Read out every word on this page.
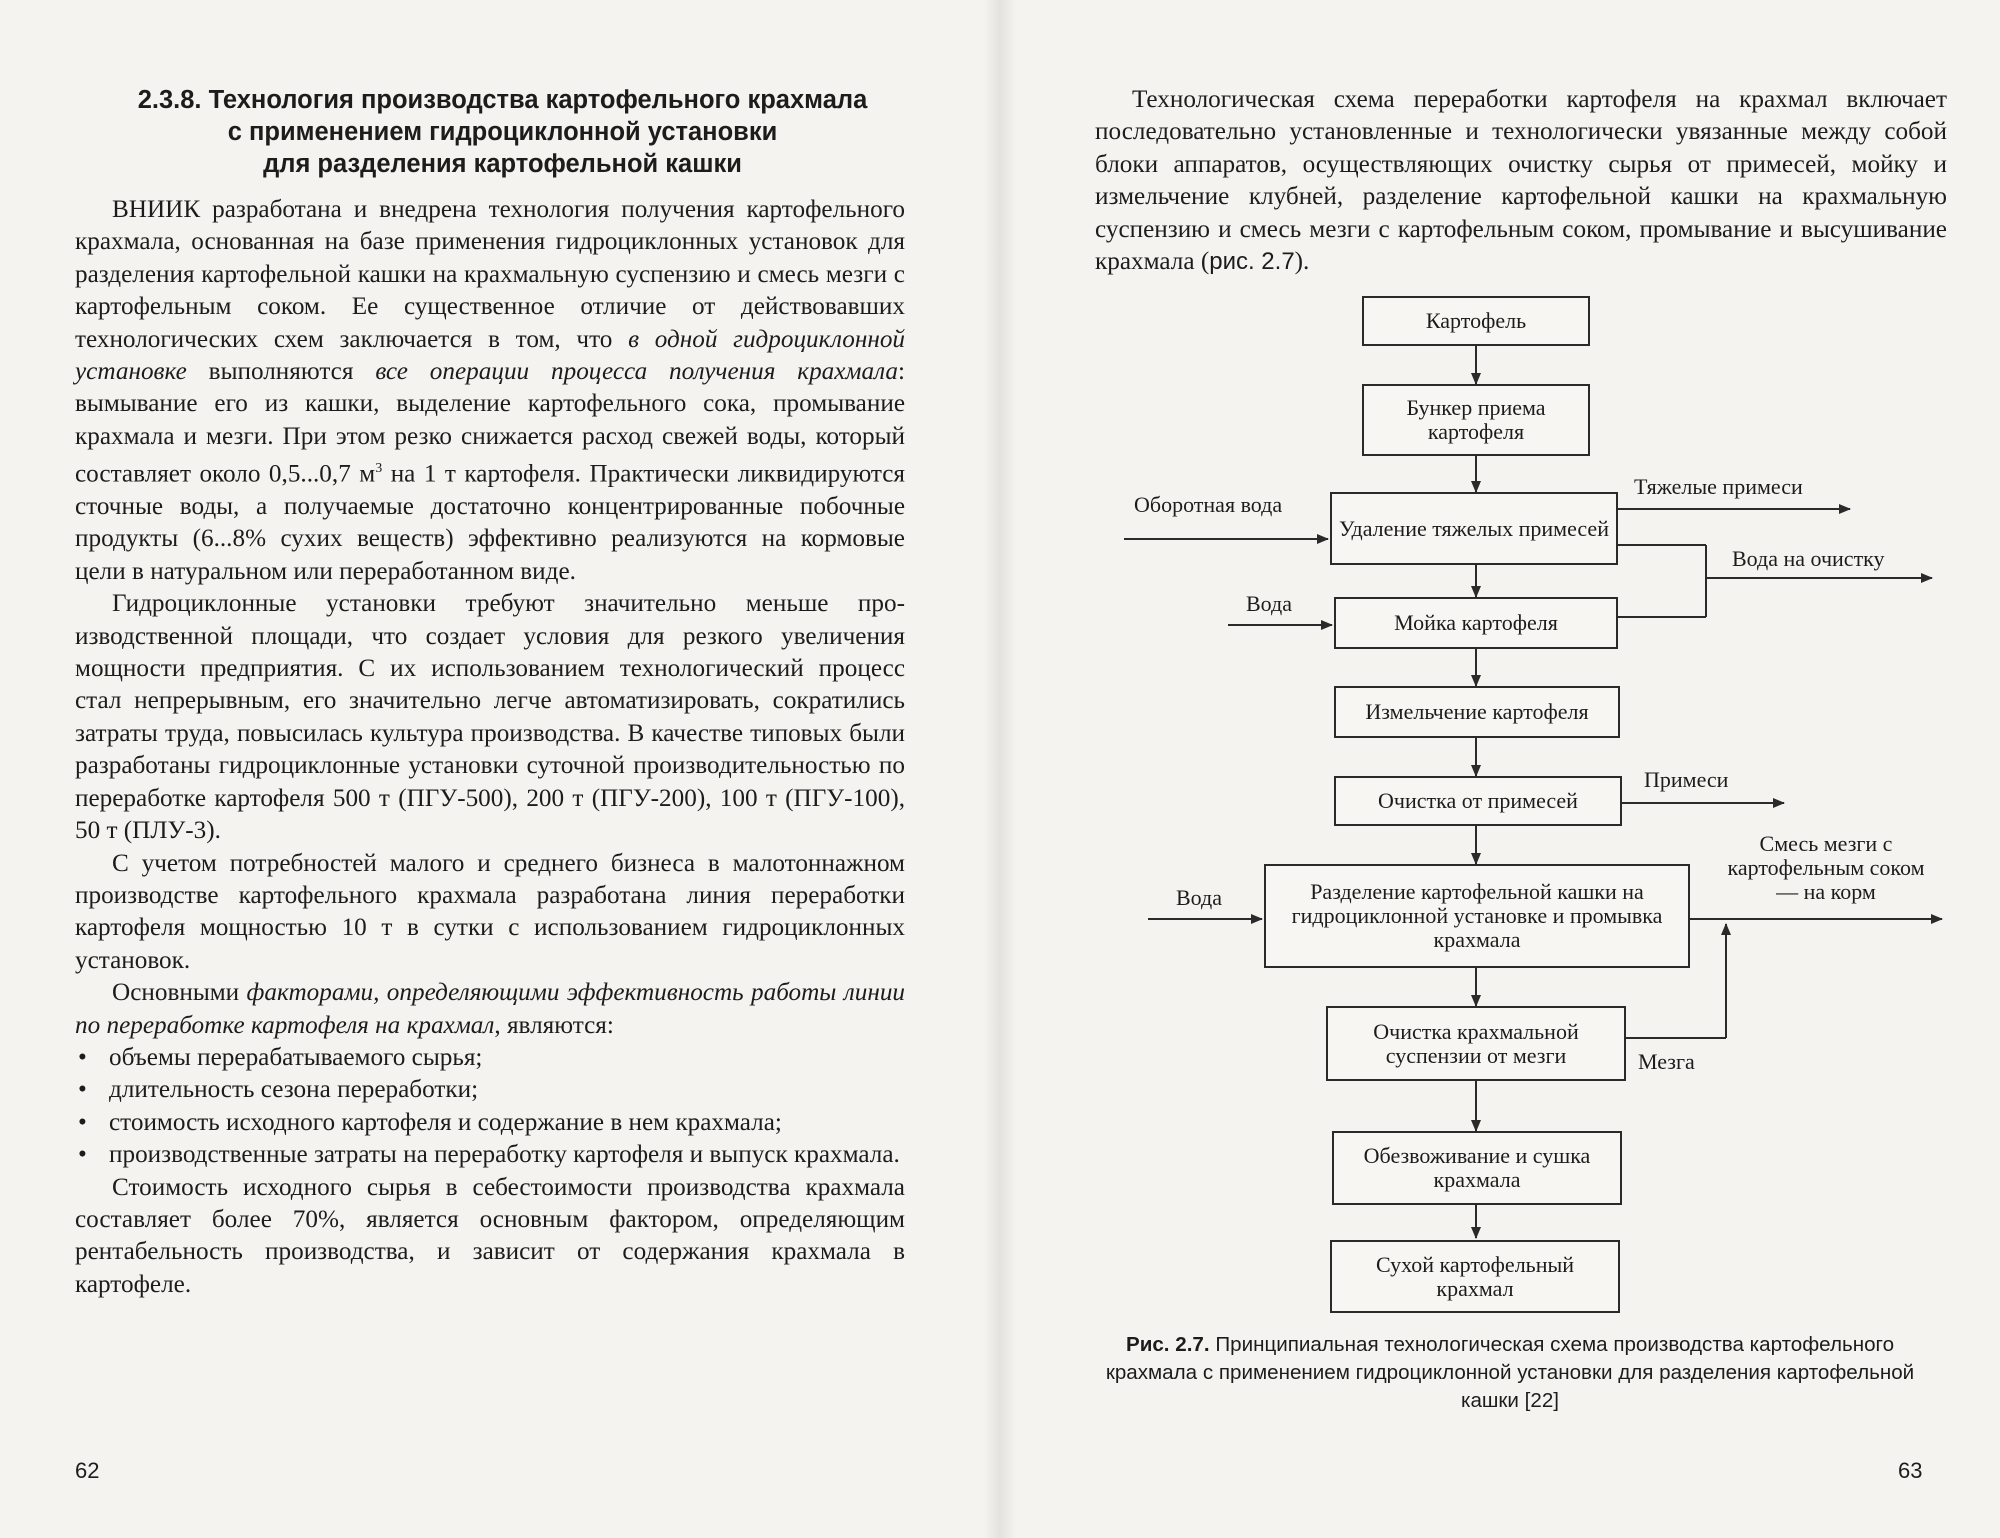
2.3.8. Технология производства картофельного крахмала
с применением гидроциклонной установки
для разделения картофельной кашки

ВНИИК разработана и внедрена технология получения картофельного крахмала, основанная на базе применения гидроциклонных установок для разделения картофельной кашки на крахмальную суспензию и смесь мезги с картофельным соком. Ее существенное отличие от действовавших технологических схем заключается в том, что в одной гидроциклонной установке выполняются все операции процесса получения крахмала: вымывание его из кашки, выделение картофельного сока, промывание крахмала и мезги. При этом резко снижается расход свежей воды, который составляет около 0,5...0,7 $м^3$ на 1 т картофеля. Практически ликвидируются сточные воды, а получаемые достаточно концентрированные побочные продукты (6...8% сухих веществ) эффективно реализуются на кормовые цели в натуральном или переработанном виде.

Гидроциклонные установки требуют значительно меньше производственной площади, что создает условия для резкого увеличения мощности предприятия. С их использованием технологический процесс стал непрерывным, его значительно легче автоматизировать, сократились затраты труда, повысилась культура производства. В качестве типовых были разработаны гидроциклонные установки суточной производительностью по переработке картофеля 500 т (ПГУ-500), 200 т (ПГУ-200), 100 т (ПГУ-100), 50 т (ПЛУ-3).

С учетом потребностей малого и среднего бизнеса в малотоннажном производстве картофельного крахмала разработана линия переработки картофеля мощностью 10 т в сутки с использованием гидроциклонных установок.

Основными факторами, определяющими эффективность работы линии по переработке картофеля на крахмал, являются:

• объемы перерабатываемого сырья;
• длительность сезона переработки;
• стоимость исходного картофеля и содержание в нем крахмала;
• производственные затраты на переработку картофеля и выпуск крахмала.

Стоимость исходного сырья в себестоимости производства крахмала составляет более 70%, является основным фактором, определяющим рентабельность производства, и зависит от содержания крахмала в картофеле.

62

Технологическая схема переработки картофеля на крахмал включает последовательно установленные и технологически увязанные между собой блоки аппаратов, осуществляющих очистку сырья от примесей, мойку и измельчение клубней, разделение картофельной кашки на крахмальную суспензию и смесь мезги с картофельным соком, промывание и высушивание крахмала (рис. 2.7).

Картофель
Бункер приема картофеля
Удаление тяжелых примесей
Мойка картофеля
Измельчение картофеля
Очистка от примесей
Разделение картофельной кашки на гидроциклонной установке и промывка крахмала
Очистка крахмальной суспензии от мезги
Обезвоживание и сушка крахмала
Сухой картофельный крахмал
Оборотная вода
Тяжелые примеси
Вода на очистку
Вода
Примеси
Вода
Смесь мезги с картофельным соком — на корм
Мезга
Рис. 2.7. Принципиальная технологическая схема производства картофельного крахмала с применением гидроциклонной установки для разделения картофельной кашки [22]
63
